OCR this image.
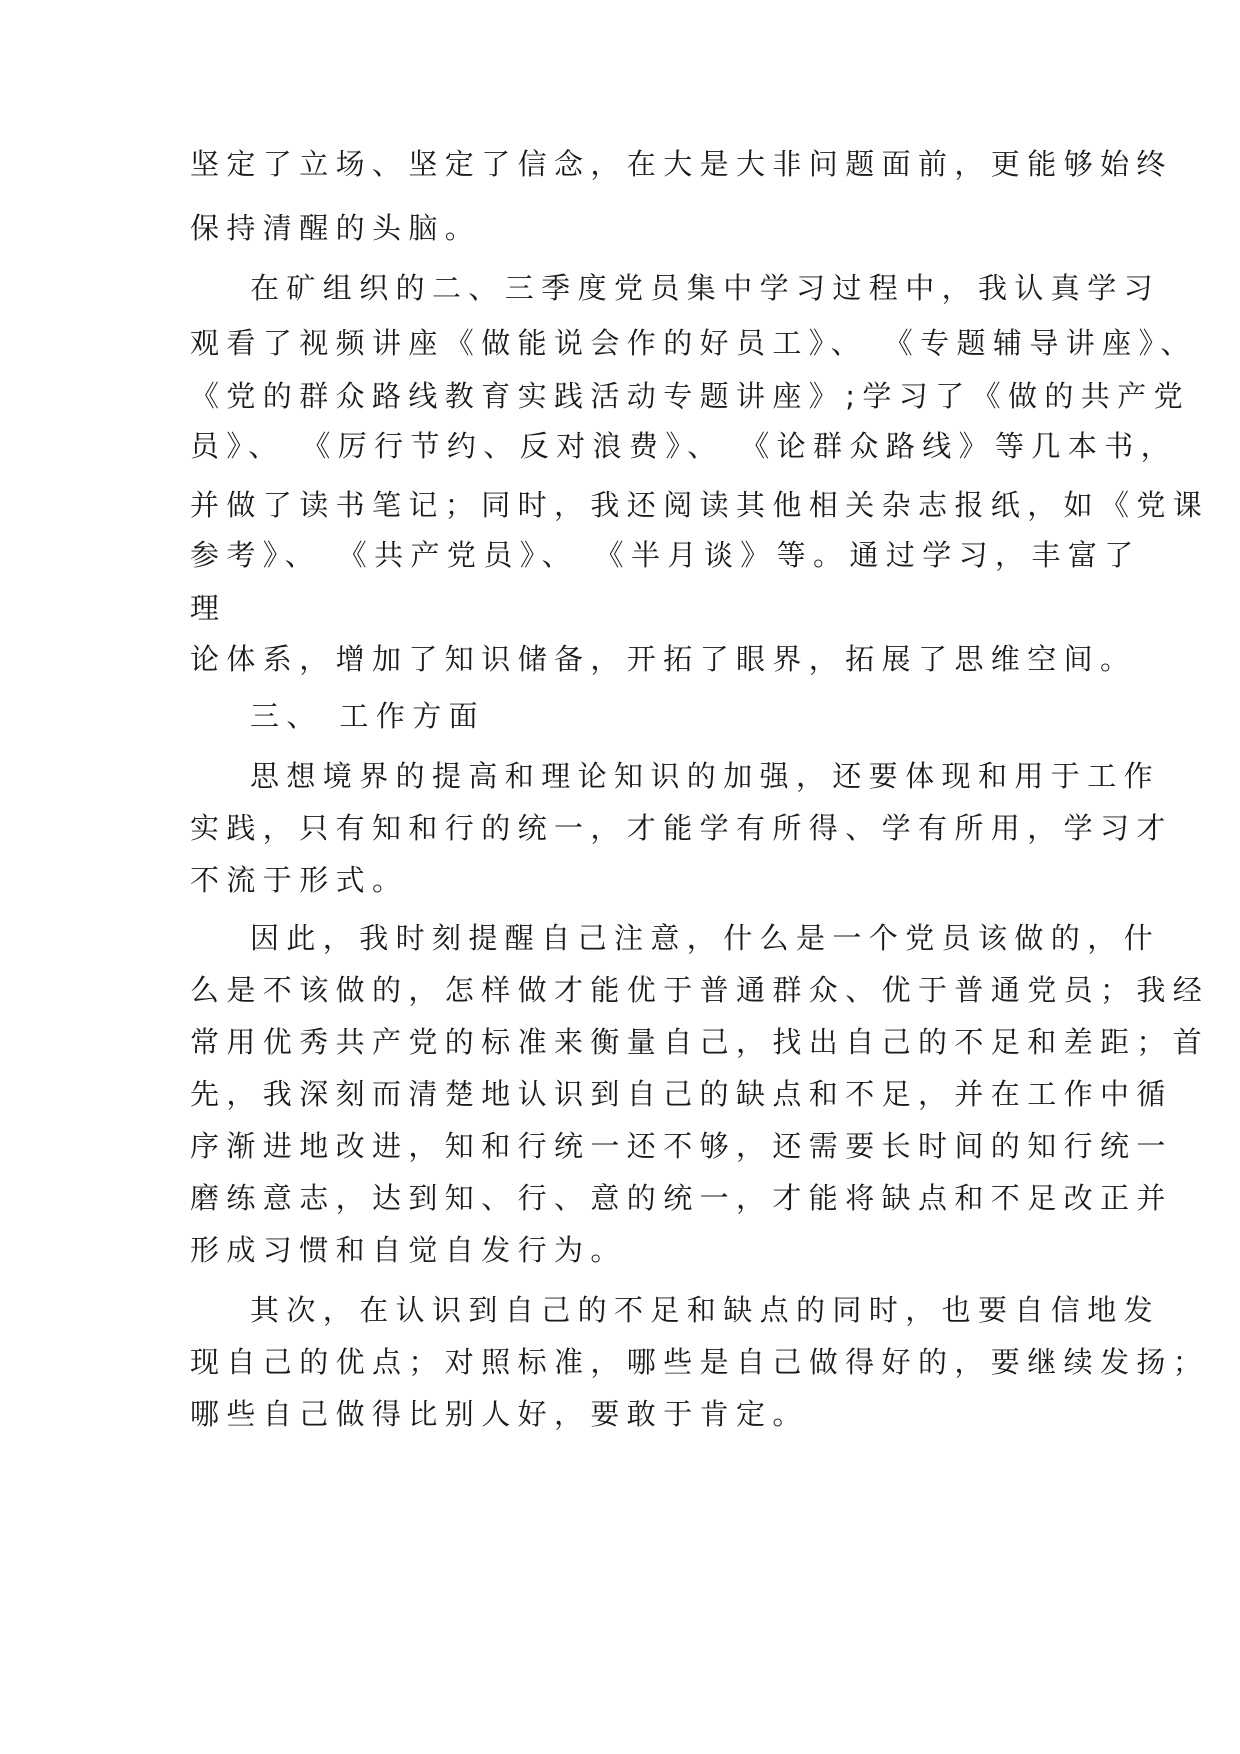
坚定了立场、坚定了信念，在大是大非问题面前，更能够始终
保持清醒的头脑。
在矿组织的二、三季度党员集中学习过程中，我认真学习
观看了视频讲座《做能说会作的好员工》、 《专题辅导讲座》、
《党的群众路线教育实践活动专题讲座》;学习了《做的共产党
员》、 《厉行节约、反对浪费》、 《论群众路线》等几本书，
并做了读书笔记；同时，我还阅读其他相关杂志报纸，如《党课
参考》、 《共产党员》、 《半月谈》等。通过学习，丰富了
理
论体系，增加了知识储备，开拓了眼界，拓展了思维空间。
三、 工作方面
思想境界的提高和理论知识的加强，还要体现和用于工作
实践，只有知和行的统一，才能学有所得、学有所用，学习才
不流于形式。
因此，我时刻提醒自己注意，什么是一个党员该做的，什
么是不该做的，怎样做才能优于普通群众、优于普通党员；我经
常用优秀共产党的标准来衡量自己，找出自己的不足和差距；首
先，我深刻而清楚地认识到自己的缺点和不足，并在工作中循
序渐进地改进，知和行统一还不够，还需要长时间的知行统一
磨练意志，达到知、行、意的统一，才能将缺点和不足改正并
形成习惯和自觉自发行为。
其次，在认识到自己的不足和缺点的同时，也要自信地发
现自己的优点；对照标准，哪些是自己做得好的，要继续发扬；
哪些自己做得比别人好，要敢于肯定。
